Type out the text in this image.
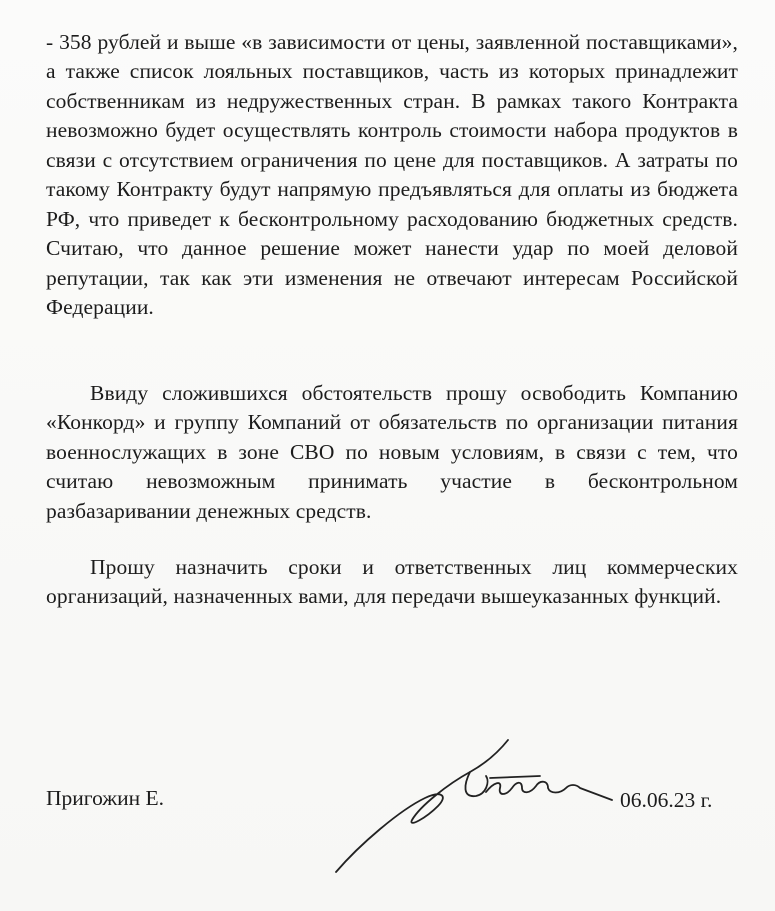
- 358 рублей и выше «в зависимости от цены, заявленной поставщиками», а также список лояльных поставщиков, часть из которых принадлежит собственникам из недружественных стран. В рамках такого Контракта невозможно будет осуществлять контроль стоимости набора продуктов в связи с отсутствием ограничения по цене для поставщиков. А затраты по такому Контракту будут напрямую предъявляться для оплаты из бюджета РФ, что приведет к бесконтрольному расходованию бюджетных средств. Считаю, что данное решение может нанести удар по моей деловой репутации, так как эти изменения не отвечают интересам Российской Федерации.

Ввиду сложившихся обстоятельств прошу освободить Компанию «Конкорд» и группу Компаний от обязательств по организации питания военнослужащих в зоне СВО по новым условиям, в связи с тем, что считаю невозможным принимать участие в бесконтрольном разбазаривании денежных средств.

Прошу назначить сроки и ответственных лиц коммерческих организаций, назначенных вами, для передачи вышеуказанных функций.

Пригожин Е.	06.06.23 г.
